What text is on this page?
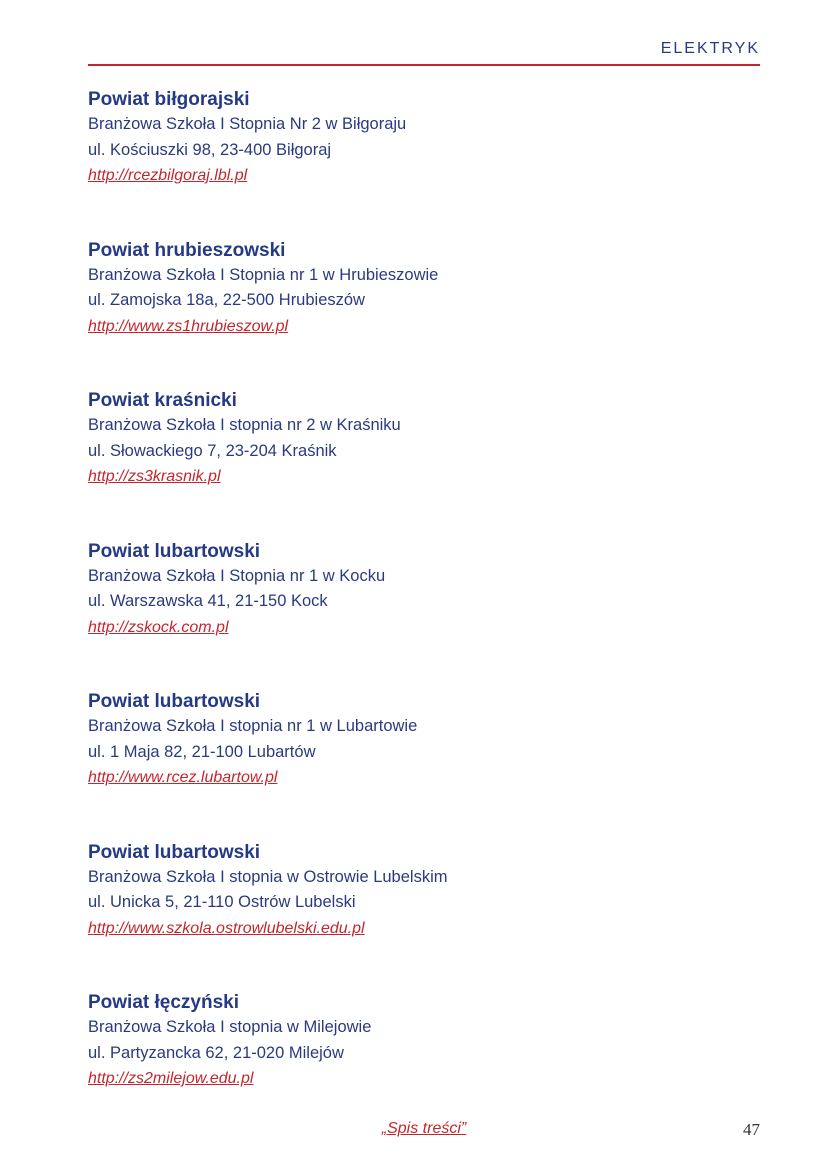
ELEKTRYK
Powiat biłgorajski
Branżowa Szkoła I Stopnia Nr 2 w Biłgoraju
ul. Kościuszki 98, 23-400 Biłgoraj
http://rcezbilgoraj.lbl.pl
Powiat hrubieszowski
Branżowa Szkoła I Stopnia nr 1 w Hrubieszowie
ul. Zamojska 18a, 22-500 Hrubieszów
http://www.zs1hrubieszow.pl
Powiat kraśnicki
Branżowa Szkoła I stopnia nr 2 w Kraśniku
ul. Słowackiego 7, 23-204 Kraśnik
http://zs3krasnik.pl
Powiat lubartowski
Branżowa Szkoła I Stopnia nr 1 w Kocku
ul. Warszawska 41, 21-150 Kock
http://zskock.com.pl
Powiat lubartowski
Branżowa Szkoła I stopnia nr 1 w Lubartowie
ul. 1 Maja 82, 21-100 Lubartów
http://www.rcez.lubartow.pl
Powiat lubartowski
Branżowa Szkoła I stopnia w Ostrowie Lubelskim
ul. Unicka 5, 21-110 Ostrów Lubelski
http://www.szkola.ostrowlubelski.edu.pl
Powiat łęczyński
Branżowa Szkoła I stopnia w Milejowie
ul. Partyzancka 62, 21-020 Milejów
http://zs2milejow.edu.pl
„Spis treści”	47
